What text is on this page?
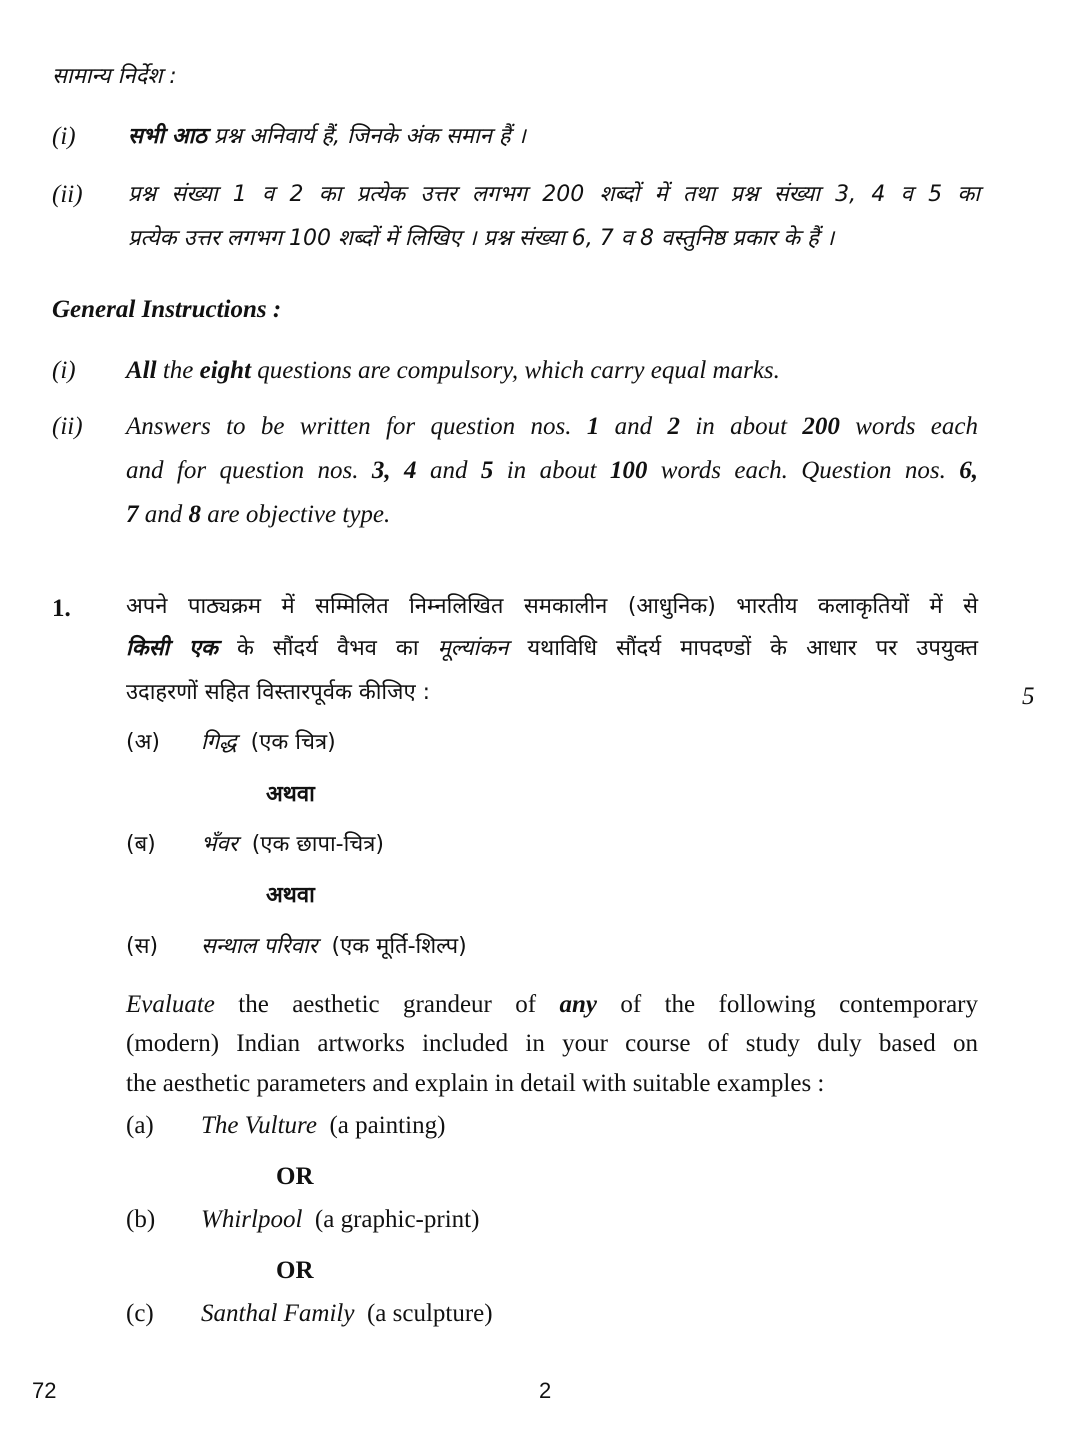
सामान्य निर्देश :
(i) सभी आठ प्रश्न अनिवार्य हैं, जिनके अंक समान हैं ।
(ii) प्रश्न संख्या 1 व 2 का प्रत्येक उत्तर लगभग 200 शब्दों में तथा प्रश्न संख्या 3, 4 व 5 का
प्रत्येक उत्तर लगभग 100 शब्दों में लिखिए । प्रश्न संख्या 6, 7 व 8 वस्तुनिष्ठ प्रकार के हैं ।
General Instructions :
(i) All the eight questions are compulsory, which carry equal marks.
(ii) Answers to be written for question nos. 1 and 2 in about 200 words each
and for question nos. 3, 4 and 5 in about 100 words each. Question nos. 6,
7 and 8 are objective type.
1.	अपने पाठ्यक्रम में सम्मिलित निम्नलिखित समकालीन (आधुनिक) भारतीय कलाकृतियों में से
किसी एक के सौंदर्य वैभव का मूल्यांकन यथाविधि सौंदर्य मापदण्डों के आधार पर उपयुक्त
उदाहरणों सहित विस्तारपूर्वक कीजिए :	5
(अ) गिद्ध (एक चित्र)
अथवा
(ब) भँवर (एक छापा-चित्र)
अथवा
(स) सन्थाल परिवार (एक मूर्ति-शिल्प)
Evaluate the aesthetic grandeur of any of the following contemporary
(modern) Indian artworks included in your course of study duly based on
the aesthetic parameters and explain in detail with suitable examples :
(a) The Vulture (a painting)
OR
(b) Whirlpool (a graphic-print)
OR
(c) Santhal Family (a sculpture)
72	2
